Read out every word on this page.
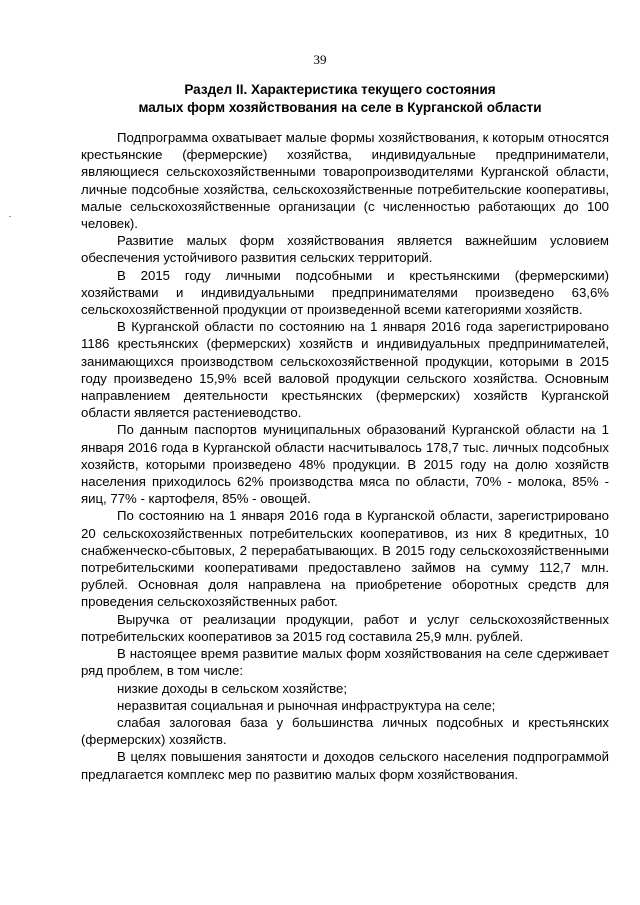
39
Раздел II. Характеристика текущего состояния
малых форм хозяйствования на селе в Курганской области

Подпрограмма охватывает малые формы хозяйствования, к которым относятся крестьянские (фермерские) хозяйства, индивидуальные предприниматели, являющиеся сельскохозяйственными товаропроизводителями Курганской области, личные подсобные хозяйства, сельскохозяйственные потребительские кооперативы, малые сельскохозяйственные организации (с численностью работающих до 100 человек).

Развитие малых форм хозяйствования является важнейшим условием обеспечения устойчивого развития сельских территорий.

В 2015 году личными подсобными и крестьянскими (фермерскими) хозяйствами и индивидуальными предпринимателями произведено 63,6% сельскохозяйственной продукции от произведенной всеми категориями хозяйств.

В Курганской области по состоянию на 1 января 2016 года зарегистрировано 1186 крестьянских (фермерских) хозяйств и индивидуальных предпринимателей, занимающихся производством сельскохозяйственной продукции, которыми в 2015 году произведено 15,9% всей валовой продукции сельского хозяйства. Основным направлением деятельности крестьянских (фермерских) хозяйств Курганской области является растениеводство.

По данным паспортов муниципальных образований Курганской области на 1 января 2016 года в Курганской области насчитывалось 178,7 тыс. личных подсобных хозяйств, которыми произведено 48% продукции. В 2015 году на долю хозяйств населения приходилось 62% производства мяса по области, 70% - молока, 85% - яиц, 77% - картофеля, 85% - овощей.

По состоянию на 1 января 2016 года в Курганской области, зарегистрировано 20 сельскохозяйственных потребительских кооперативов, из них 8 кредитных, 10 снабженческо-сбытовых, 2 перерабатывающих. В 2015 году сельскохозяйственными потребительскими кооперативами предоставлено займов на сумму 112,7 млн. рублей. Основная доля направлена на приобретение оборотных средств для проведения сельскохозяйственных работ.

Выручка от реализации продукции, работ и услуг сельскохозяйственных потребительских кооперативов за 2015 год составила 25,9 млн. рублей.

В настоящее время развитие малых форм хозяйствования на селе сдерживает ряд проблем, в том числе:

низкие доходы в сельском хозяйстве;

неразвитая социальная и рыночная инфраструктура на селе;

слабая залоговая база у большинства личных подсобных и крестьянских (фермерских) хозяйств.

В целях повышения занятости и доходов сельского населения подпрограммой предлагается комплекс мер по развитию малых форм хозяйствования.
